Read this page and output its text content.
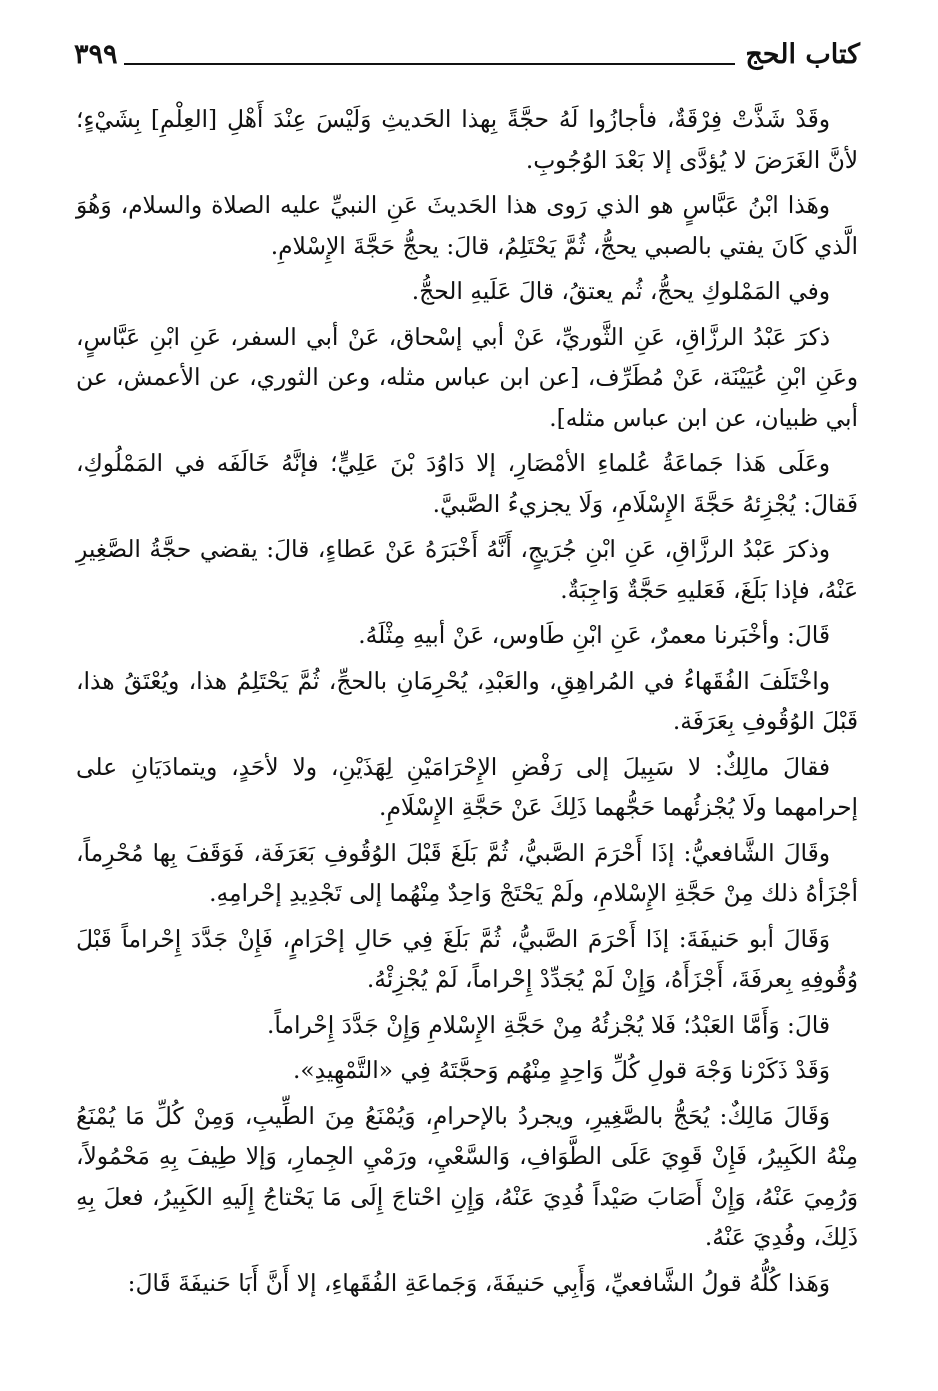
كتاب الحج
٣٩٩

وقَدْ شَذَّتْ فِرْقَةٌ، فأجازُوا لَهُ حجَّةً بِهذا الحَديثِ وَلَيْسَ عِنْدَ أَهْلِ [العِلْمِ] بِشَيْءٍ؛ لأنَّ الغَرَضَ لا يُؤدَّى إلا بَعْدَ الوُجُوبِ.

وهَذا ابْنُ عَبَّاسٍ هو الذي رَوى هذا الحَديثَ عَنِ النبيِّ عليه الصلاة والسلام، وَهُوَ الَّذي كَانَ يفتي بالصبي يحجُّ، ثُمَّ يَحْتَلِمُ، قالَ: يحجُّ حَجَّةَ الإِسْلامِ.

وفي المَمْلوكِ يحجُّ، ثُم يعتقُ، قالَ عَلَيهِ الحجُّ.

ذكرَ عَبْدُ الرزَّاقِ، عَنِ الثَّوريِّ، عَنْ أبي إسْحاق، عَنْ أبي السفر، عَنِ ابْنِ عَبَّاسٍ، وعَنِ ابْنِ عُيَيْنَة، عَنْ مُطَرِّف، [عن ابن عباس مثله، وعن الثوري، عن الأعمش، عن أبي ظبيان، عن ابن عباس مثله].

وعَلَى هَذا جَماعَةُ عُلماءِ الأمْصَارِ، إلا دَاوُدَ بْنَ عَلِيٍّ؛ فإنَّهُ خَالَفَه في المَمْلُوكِ، فَقالَ: يُجْزِئهُ حَجَّةَ الإِسْلَامِ، وَلَا يجزيءُ الصَّبيَّ.

وذكرَ عَبْدُ الرزَّاقِ، عَنِ ابْنِ جُرَيجٍ، أَنَّهُ أَخْبَرَهُ عَنْ عَطاءٍ، قالَ: يقضي حجَّةُ الصَّغِيرِ عَنْهُ، فإذا بَلَغَ، فَعَليهِ حَجَّةٌ وَاجِبَةٌ.

قَالَ: وأخْبَرنا معمرٌ، عَنِ ابْنِ طَاوس، عَنْ أبيهِ مِثْلَهُ.

واخْتَلَفَ الفُقَهاءُ في المُراهِقِ، والعَبْدِ، يُحْرِمَانِ بالحجِّ، ثُمَّ يَحْتَلِمُ هذا، ويُعْتَقُ هذا، قَبْلَ الوُقُوفِ بِعَرَفَة.

فقالَ مالِكٌ: لا سَبِيلَ إلى رَفْضِ الإِحْرَامَيْنِ لِهَذَيْنِ، ولا لأحَدٍ، ويتمادَيَانِ على إحرامهما ولَا يُجْزئُهما حَجُّهما ذَلِكَ عَنْ حَجَّةِ الإِسْلَامِ.

وقَالَ الشَّافعيُّ: إذَا أَحْرَمَ الصَّبيُّ، ثُمَّ بَلَغَ قَبْلَ الوُقُوفِ بَعَرَفَة، فَوَقَفَ بِها مُحْرِماً، أجْزَأهُ ذلك مِنْ حَجَّةِ الإِسْلامِ، ولَمْ يَحْتَجْ وَاحِدٌ مِنْهُما إلى تَجْدِيدِ إحْرامِهِ.

وَقَالَ أبو حَنيفَةَ: إذَا أَحْرَمَ الصَّبيُّ، ثُمَّ بَلَغَ فِي حَالِ إحْرَامٍ، فَإِنْ جَدَّدَ إِحْراماً قَبْلَ وُقُوفِهِ بِعرفَةَ، أَجْزَأَهُ، وَإِنْ لَمْ يُجَدِّدْ إِحْراماً، لَمْ يُجْزِئْهُ.

قالَ: وَأَمَّا العَبْدُ؛ فَلا يُجْزئُهُ مِنْ حَجَّةِ الإِسْلامِ وَإِنْ جَدَّدَ إِحْراماً.

وَقَدْ ذَكَرْنا وَجْهَ قولِ كُلِّ وَاحِدٍ مِنْهُم وَحجَّتَهُ فِي «التَّمْهِيدِ».

وَقَالَ مَالِكٌ: يُحَجُّ بالصَّغِيرِ، ويجردُ بالإحرامِ، وَيُمْنَعُ مِنَ الطِّيبِ، وَمِنْ كُلِّ مَا يُمْنَعُ مِنْهُ الكَبِيرُ، فَإِنْ قَوِيَ عَلَى الطَّوَافِ، وَالسَّعْيِ، ورَمْيِ الجِمارِ، وَإلا طِيفَ بِهِ مَحْمُولاً، وَرُمِيَ عَنْهُ، وَإِنْ أَصَابَ صَيْداً فُدِيَ عَنْهُ، وَإِنِ احْتاجَ إِلَى مَا يَحْتاجُ إِلَيهِ الكَبِيرُ، فعلَ بِهِ ذَلِكَ، وفُدِيَ عَنْهُ.

وَهَذا كُلُّهُ قولُ الشَّافعيِّ، وَأَبِي حَنيفَةَ، وَجَماعَةِ الفُقَهاءِ، إلا أَنَّ أَبَا حَنيفَةَ قَالَ:
